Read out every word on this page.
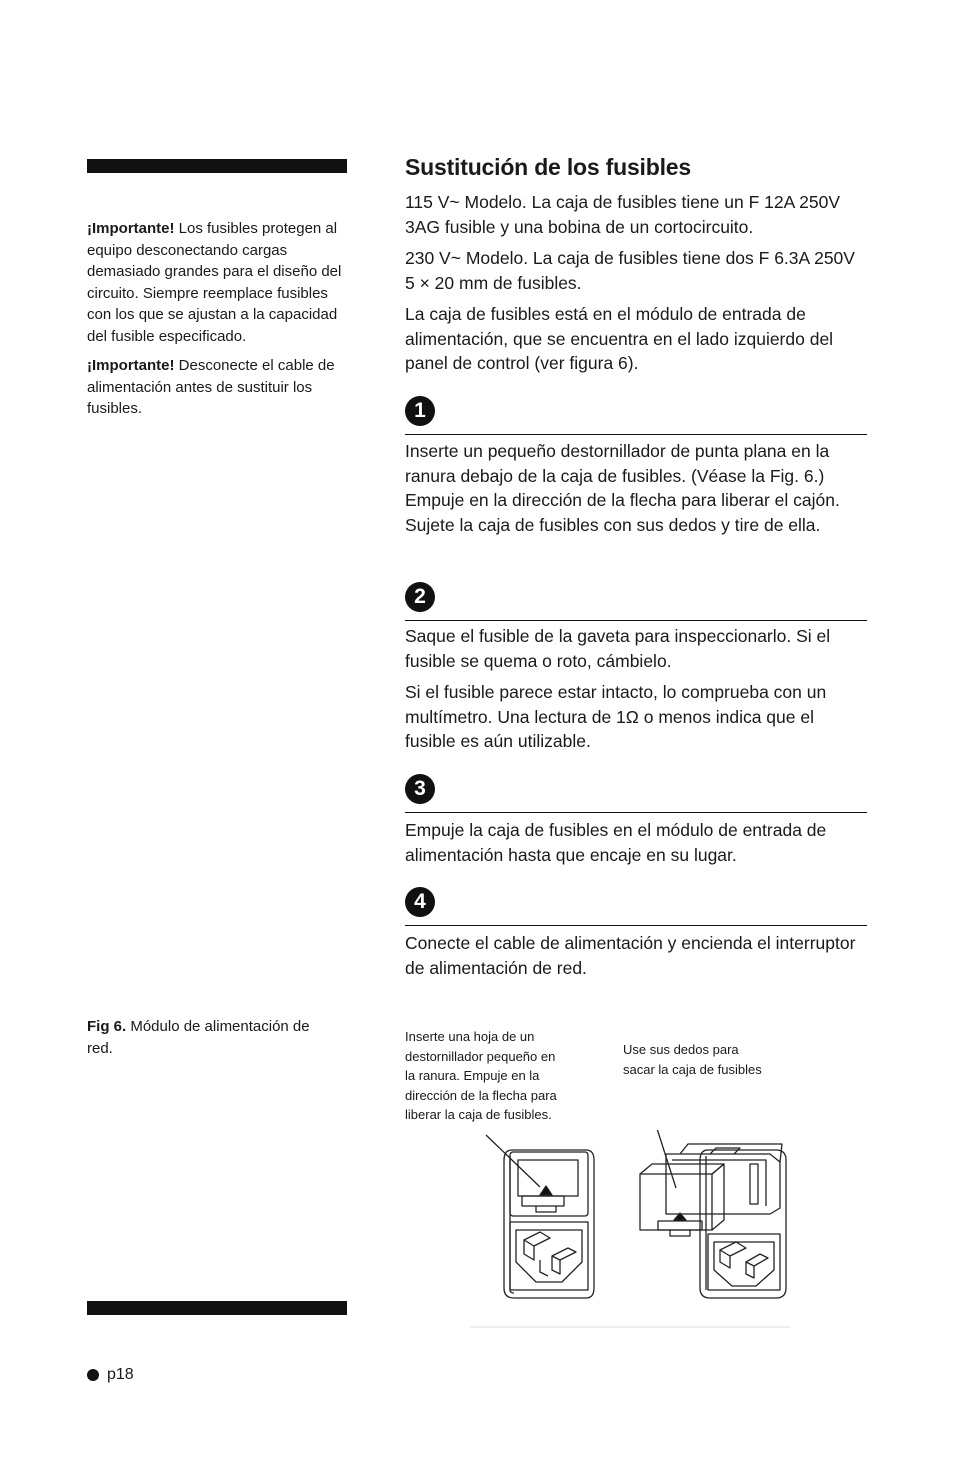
¡Importante! Los fusibles protegen al equipo desconectando cargas demasiado grandes para el diseño del circuito. Siempre reemplace fusibles con los que se ajustan a la capacidad del fusible especificado.

¡Importante! Desconecte el cable de alimentación antes de sustituir los fusibles.

Fig 6. Módulo de alimentación de red.

Sustitución de los fusibles

115 V~ Modelo. La caja de fusibles tiene un F 12A 250V 3AG fusible y una bobina de un cortocircuito.

230 V~ Modelo. La caja de fusibles tiene dos F 6.3A 250V 5 × 20 mm de fusibles.

La caja de fusibles está en el módulo de entrada de alimentación, que se encuentra en el lado izquierdo del panel de control (ver figura 6).

1

Inserte un pequeño destornillador de punta plana en la ranura debajo de la caja de fusibles. (Véase la Fig. 6.) Empuje en la dirección de la flecha para liberar el cajón. Sujete la caja de fusibles con sus dedos y tire de ella.

2

Saque el fusible de la gaveta para inspeccionarlo. Si el fusible se quema o roto, cámbielo.

Si el fusible parece estar intacto, lo comprueba con un multímetro. Una lectura de 1Ω o menos indica que el fusible es aún utilizable.

3

Empuje la caja de fusibles en el módulo de entrada de alimentación hasta que encaje en su lugar.

4

Conecte el cable de alimentación y encienda el interruptor de alimentación de red.

Inserte una hoja de un
destornillador pequeño en
la ranura. Empuje en la
dirección de la flecha para
liberar la caja de fusibles.
Use sus dedos para
sacar la caja de fusibles
p18
